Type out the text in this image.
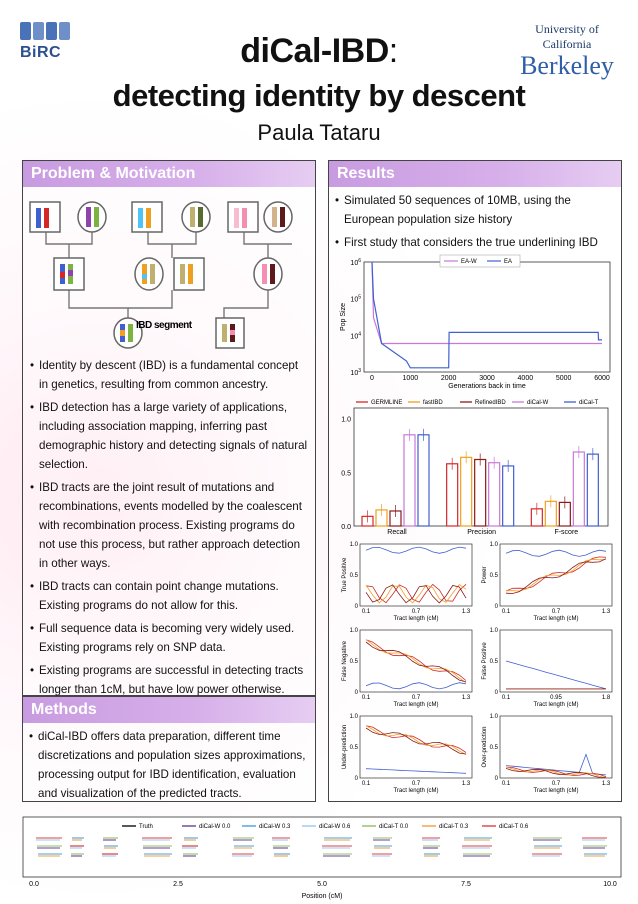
BiRC	diCal-IBD:
detecting identity by descent
Paula Tataru
University of California
Berkeley
Problem & Motivation
IBD segment
• Identity by descent (IBD) is a fundamental concept in genetics, resulting from common ancestry.
• IBD detection has a large variety of applications, including association mapping, inferring past demographic history and detecting signals of natural selection.
• IBD tracts are the joint result of mutations and recombinations, events modelled by the coalescent with recombination process. Existing programs do not use this process, but rather approach detection in other ways.
• IBD tracts can contain point change mutations. Existing programs do not allow for this.
• Full sequence data is becoming very widely used. Existing programs rely on SNP data.
• Existing programs are successful in detecting tracts longer than 1cM, but have low power otherwise.
Methods
• diCal-IBD offers data preparation, different time discretizations and population sizes approximations, processing output for IBD identification, evaluation and visualization of the predicted tracts.
Results
• Simulated 50 sequences of 10MB, using the European population size history
• First study that considers the true underlining IBD
EA-W	EA
0	1000	2000	3000	4000	5000	6000
$10^3$
$10^4$
$10^5$
$10^6$
Generations back in time
Pop Size
GERMLINE	fastIBD	RefinedIBD	diCal-W	diCal-T
0.0
0.5
1.0
Recall	Precision	F-score
0
0.5
1.0
0.1	0.7	1.3
Tract length (cM)
True Positive
0
0.5
1.0
0.1	0.7	1.3
Tract length (cM)
Power
0
0.5
1.0
0.1	0.7	1.3
Tract length (cM)
False Negative
0
0.5
1.0
0.1	0.95	1.8
Tract length (cM)
False Positive
0
0.5
1.0
0.1	0.7	1.3
Tract length (cM)
Under-prediction
0
0.5
1.0
0.1	0.7	1.3
Tract length (cM)
Over-prediction
Truth	diCal-W 0.0	diCal-W 0.3	diCal-W 0.6	diCal-T 0.0	diCal-T 0.3	diCal-T 0.6
0.0	2.5	5.0	7.5	10.0
Position (cM)
